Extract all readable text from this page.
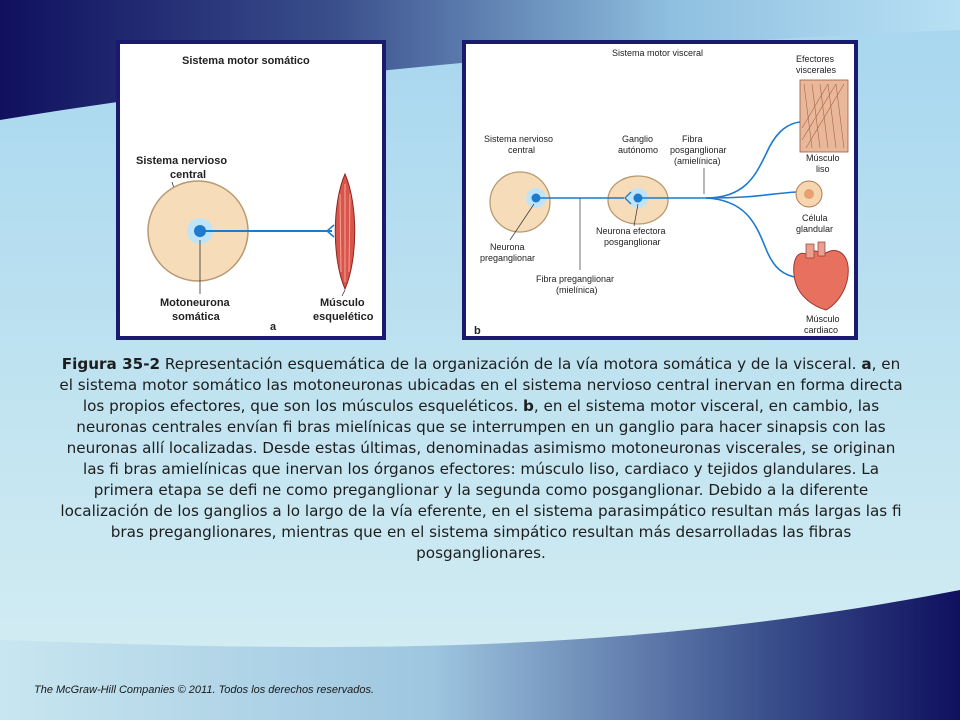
Sistema motor somático
Sistema nervioso
central
Motoneurona
somática
Músculo
esquelético
a
Sistema motor visceral
Efectores
viscerales
Sistema nervioso
central
Ganglio
autónomo
Fibra
posganglionar
(amielínica)	Músculo
liso
Célula
glandular
Músculo
cardiaco
Neurona
preganglionar
Neurona efectora
posganglionar
Fibra preganglionar
(mielínica)
b
Figura 35-2 Representación esquemática de la organización de la vía motora somática y de la visceral. a, en el sistema motor somático las motoneuronas ubicadas en el sistema nervioso central inervan en forma directa los propios efectores, que son los músculos esqueléticos. b, en el sistema motor visceral, en cambio, las neuronas centrales envían fi bras mielínicas que se interrumpen en un ganglio para hacer sinapsis con las neuronas allí localizadas. Desde estas últimas, denominadas asimismo motoneuronas viscerales, se originan las fi bras amielínicas que inervan los órganos efectores: músculo liso, cardiaco y tejidos glandulares. La primera etapa se defi ne como preganglionar y la segunda como posganglionar. Debido a la diferente localización de los ganglios a lo largo de la vía eferente, en el sistema parasimpático resultan más largas las fi bras preganglionares, mientras que en el sistema simpático resultan más desarrolladas las fibras posganglionares.
The McGraw-Hill Companies © 2011. Todos los derechos reservados.
